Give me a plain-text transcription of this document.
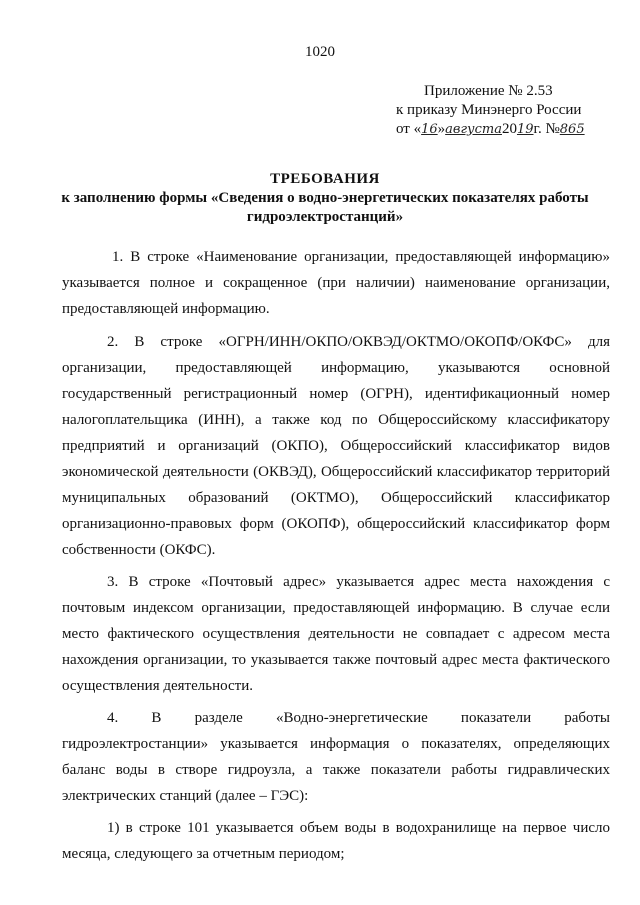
1020
Приложение № 2.53
к приказу Минэнерго России
от «16»августа2019г. №865
ТРЕБОВАНИЯ
к заполнению формы «Сведения о водно-энергетических показателях работы гидроэлектростанций»

1. В строке «Наименование организации, предоставляющей информацию» указывается полное и сокращенное (при наличии) наименование организации, предоставляющей информацию.

2. В строке «ОГРН/ИНН/ОКПО/ОКВЭД/ОКТМО/ОКОПФ/ОКФС» для организации, предоставляющей информацию, указываются основной государственный регистрационный номер (ОГРН), идентификационный номер налогоплательщика (ИНН), а также код по Общероссийскому классификатору предприятий и организаций (ОКПО), Общероссийский классификатор видов экономической деятельности (ОКВЭД), Общероссийский классификатор территорий муниципальных образований (ОКТМО), Общероссийский классификатор организационно-правовых форм (ОКОПФ), общероссийский классификатор форм собственности (ОКФС).

3. В строке «Почтовый адрес» указывается адрес места нахождения с почтовым индексом организации, предоставляющей информацию. В случае если место фактического осуществления деятельности не совпадает с адресом места нахождения организации, то указывается также почтовый адрес места фактического осуществления деятельности.

4. В разделе «Водно-энергетические показатели работы гидроэлектростанции» указывается информация о показателях, определяющих баланс воды в створе гидроузла, а также показатели работы гидравлических электрических станций (далее – ГЭС):

1) в строке 101 указывается объем воды в водохранилище на первое число месяца, следующего за отчетным периодом;
